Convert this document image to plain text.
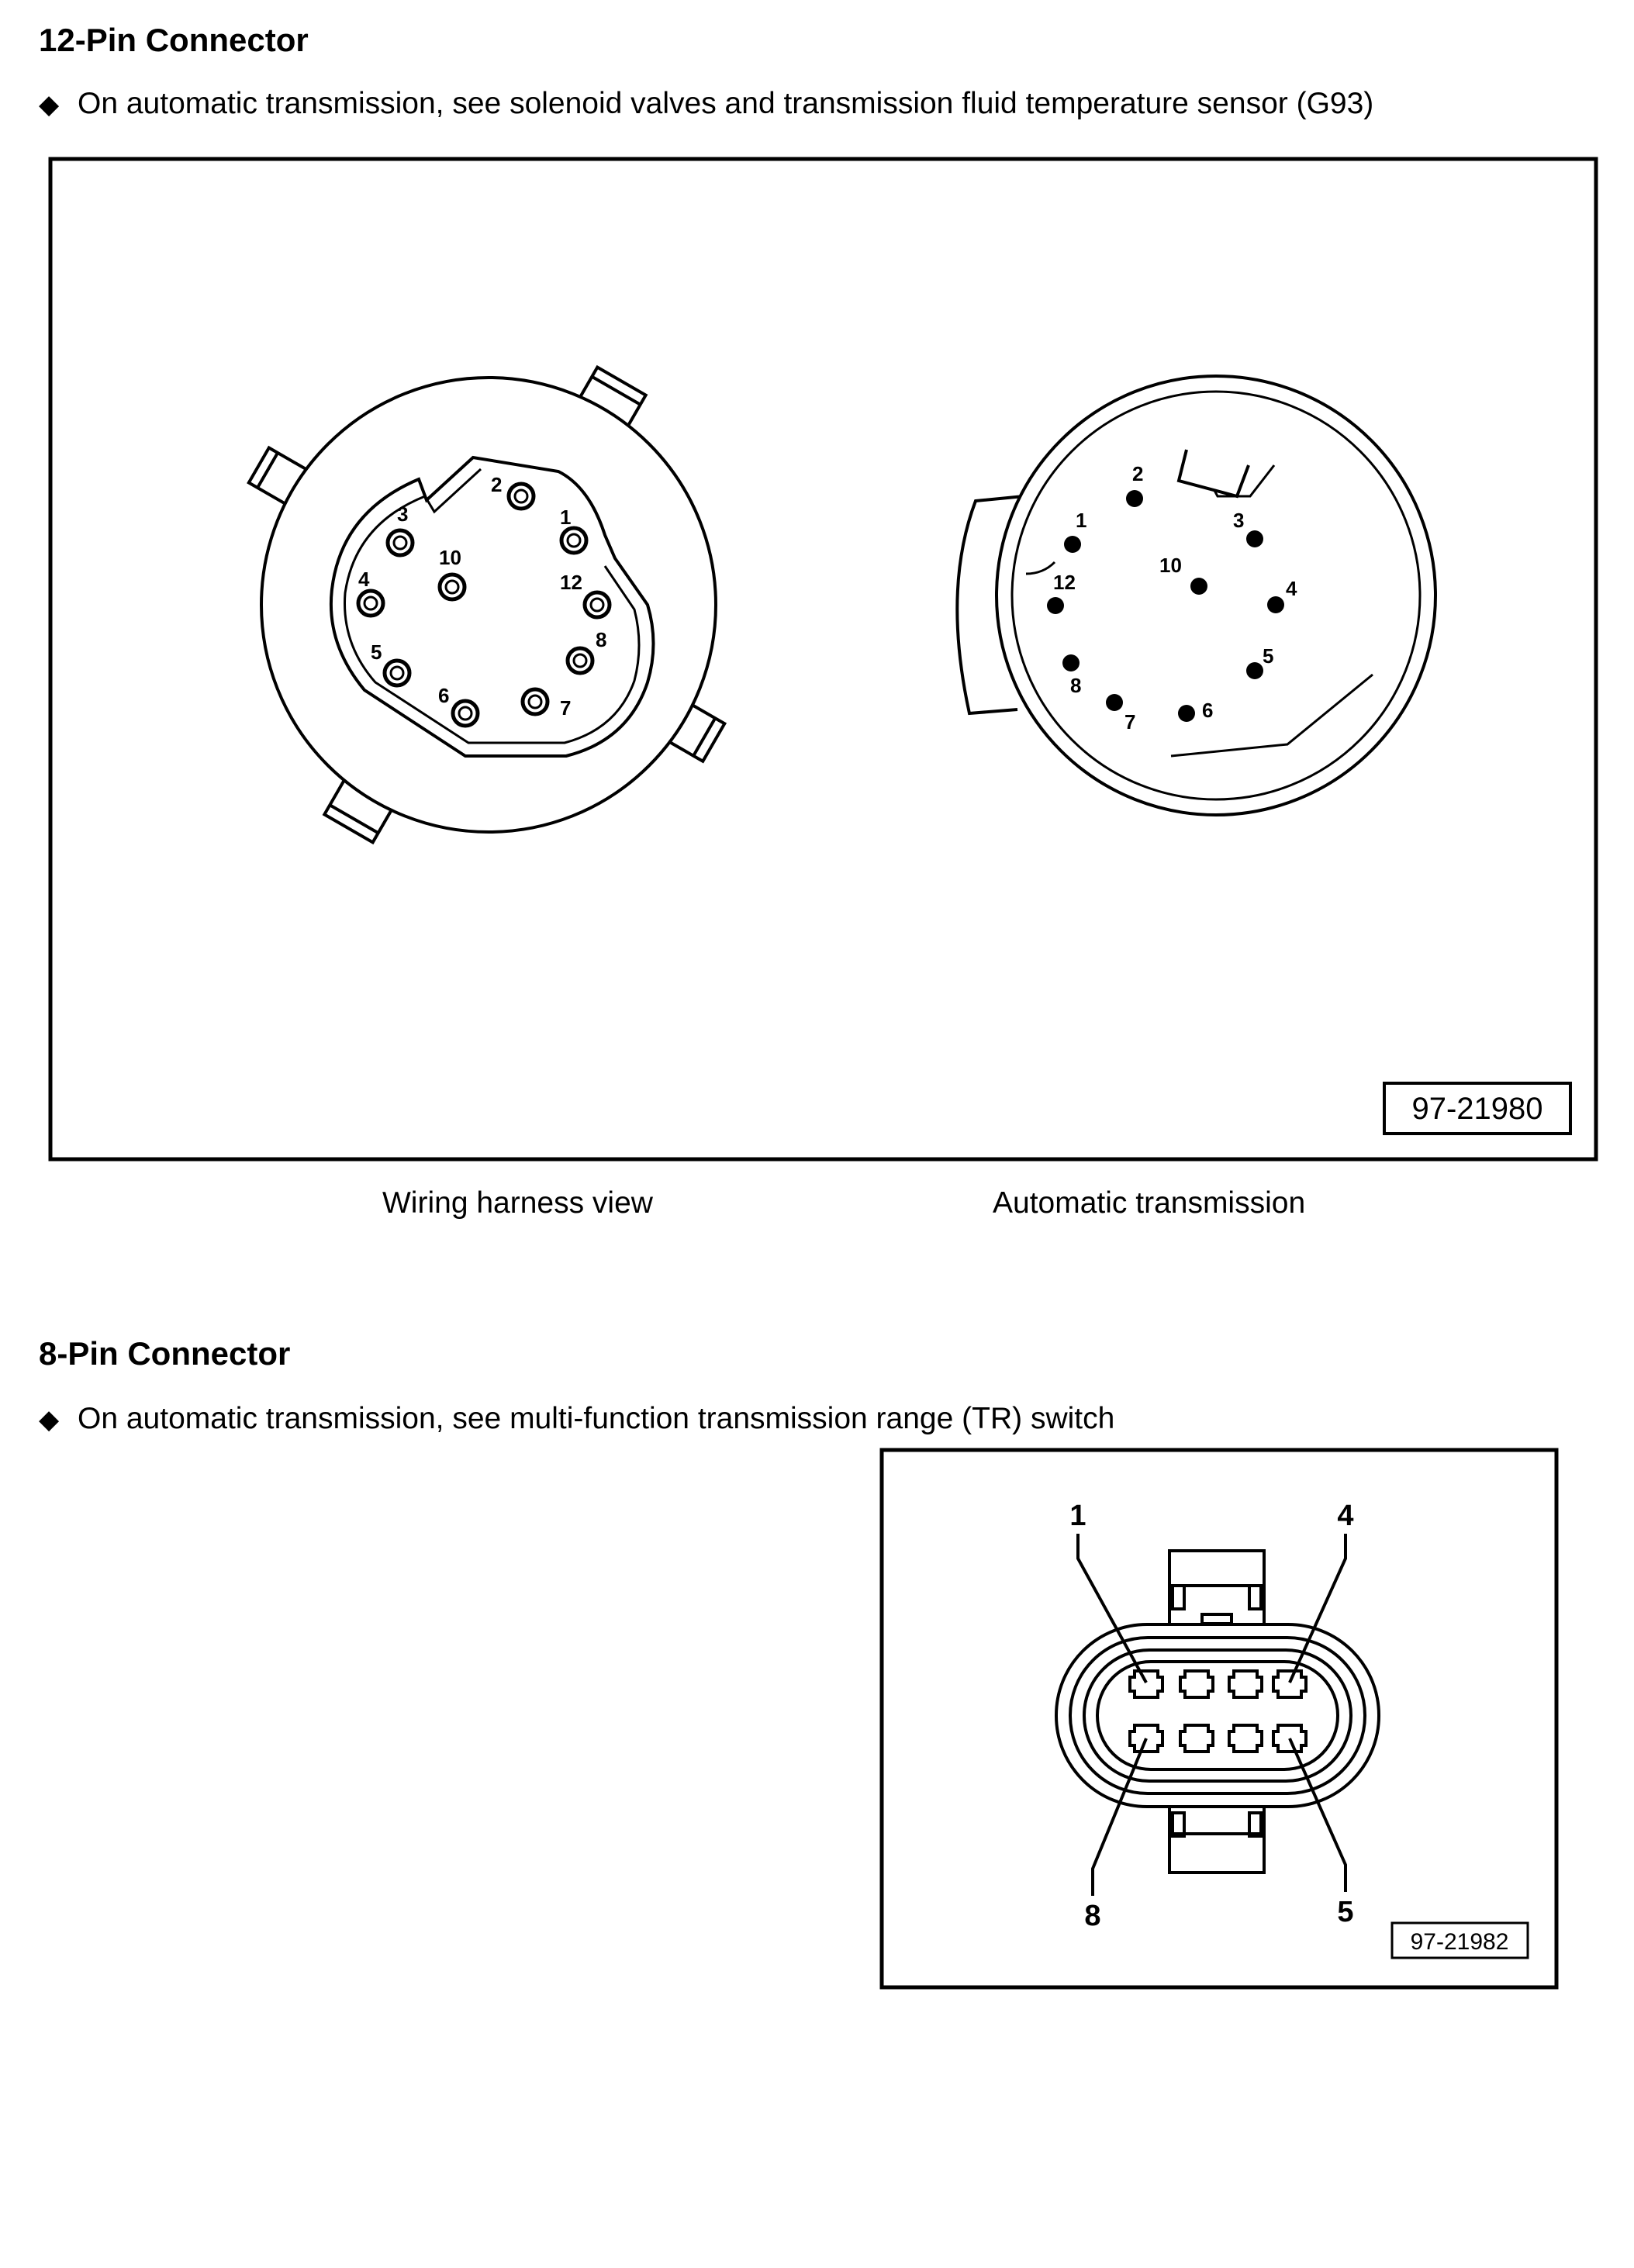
12-Pin Connector
◆ On automatic transmission, see solenoid valves and transmission fluid temperature sensor (G93)
97-21980
2
1
3
10
4	12
8
5
6
7
2
1	3
10
12	4
8
5
7	6
97-21982
1	4
8	5
Wiring harness view	Automatic transmission
8-Pin Connector
◆ On automatic transmission, see multi-function transmission range (TR) switch
